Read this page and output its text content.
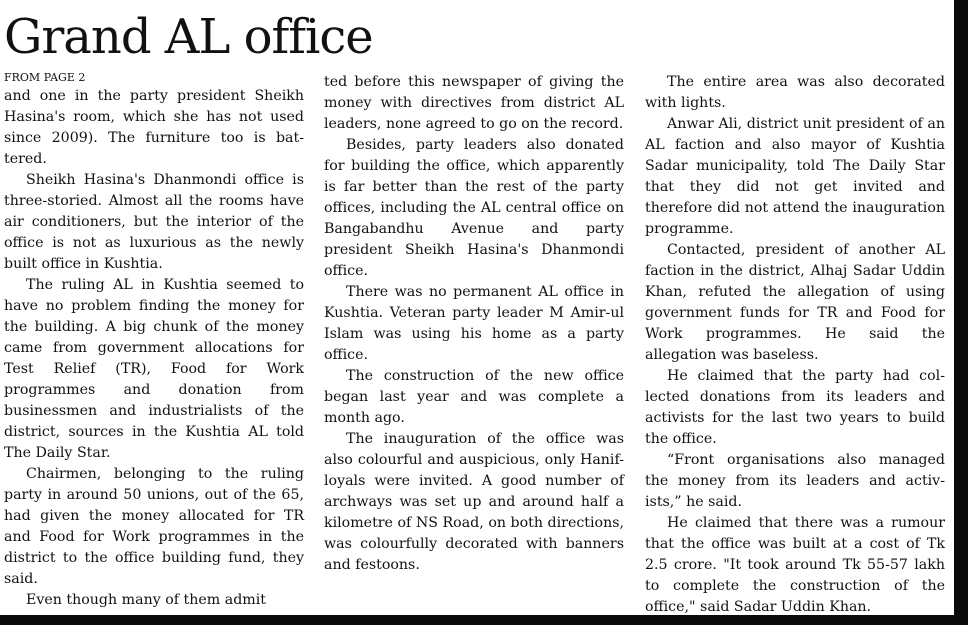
Grand AL office
FROM PAGE 2

and one in the party president Sheikh Hasina's room, which she has not used since 2009). The furniture too is battered.

Sheikh Hasina's Dhanmondi office is three-storied. Almost all the rooms have air conditioners, but the interior of the office is not as luxurious as the newly built office in Kushtia.

The ruling AL in Kushtia seemed to have no problem finding the money for the building. A big chunk of the money came from government allocations for Test Relief (TR), Food for Work programmes and donation from businessmen and industrialists of the district, sources in the Kushtia AL told The Daily Star.

Chairmen, belonging to the ruling party in around 50 unions, out of the 65, had given the money allocated for TR and Food for Work programmes in the district to the office building fund, they said.

Even though many of them admit

ted before this newspaper of giving the money with directives from district AL leaders, none agreed to go on the record.

Besides, party leaders also donated for building the office, which apparently is far better than the rest of the party offices, including the AL central office on Bangabandhu Avenue and party president Sheikh Hasina's Dhanmondi office.

There was no permanent AL office in Kushtia. Veteran party leader M Amir-ul Islam was using his home as a party office.

The construction of the new office began last year and was complete a month ago.

The inauguration of the office was also colourful and auspicious, only Hanif-loyals were invited. A good number of archways was set up and around half a kilometre of NS Road, on both directions, was colourfully decorated with banners and festoons.

The entire area was also decorated with lights.

Anwar Ali, district unit president of an AL faction and also mayor of Kushtia Sadar municipality, told The Daily Star that they did not get invited and therefore did not attend the inauguration programme.

Contacted, president of another AL faction in the district, Alhaj Sadar Uddin Khan, refuted the allegation of using government funds for TR and Food for Work programmes. He said the allegation was baseless.

He claimed that the party had collected donations from its leaders and activists for the last two years to build the office.

“Front organisations also managed the money from its leaders and activists,” he said.

He claimed that there was a rumour that the office was built at a cost of Tk 2.5 crore. "It took around Tk 55-57 lakh to complete the construction of the office," said Sadar Uddin Khan.
